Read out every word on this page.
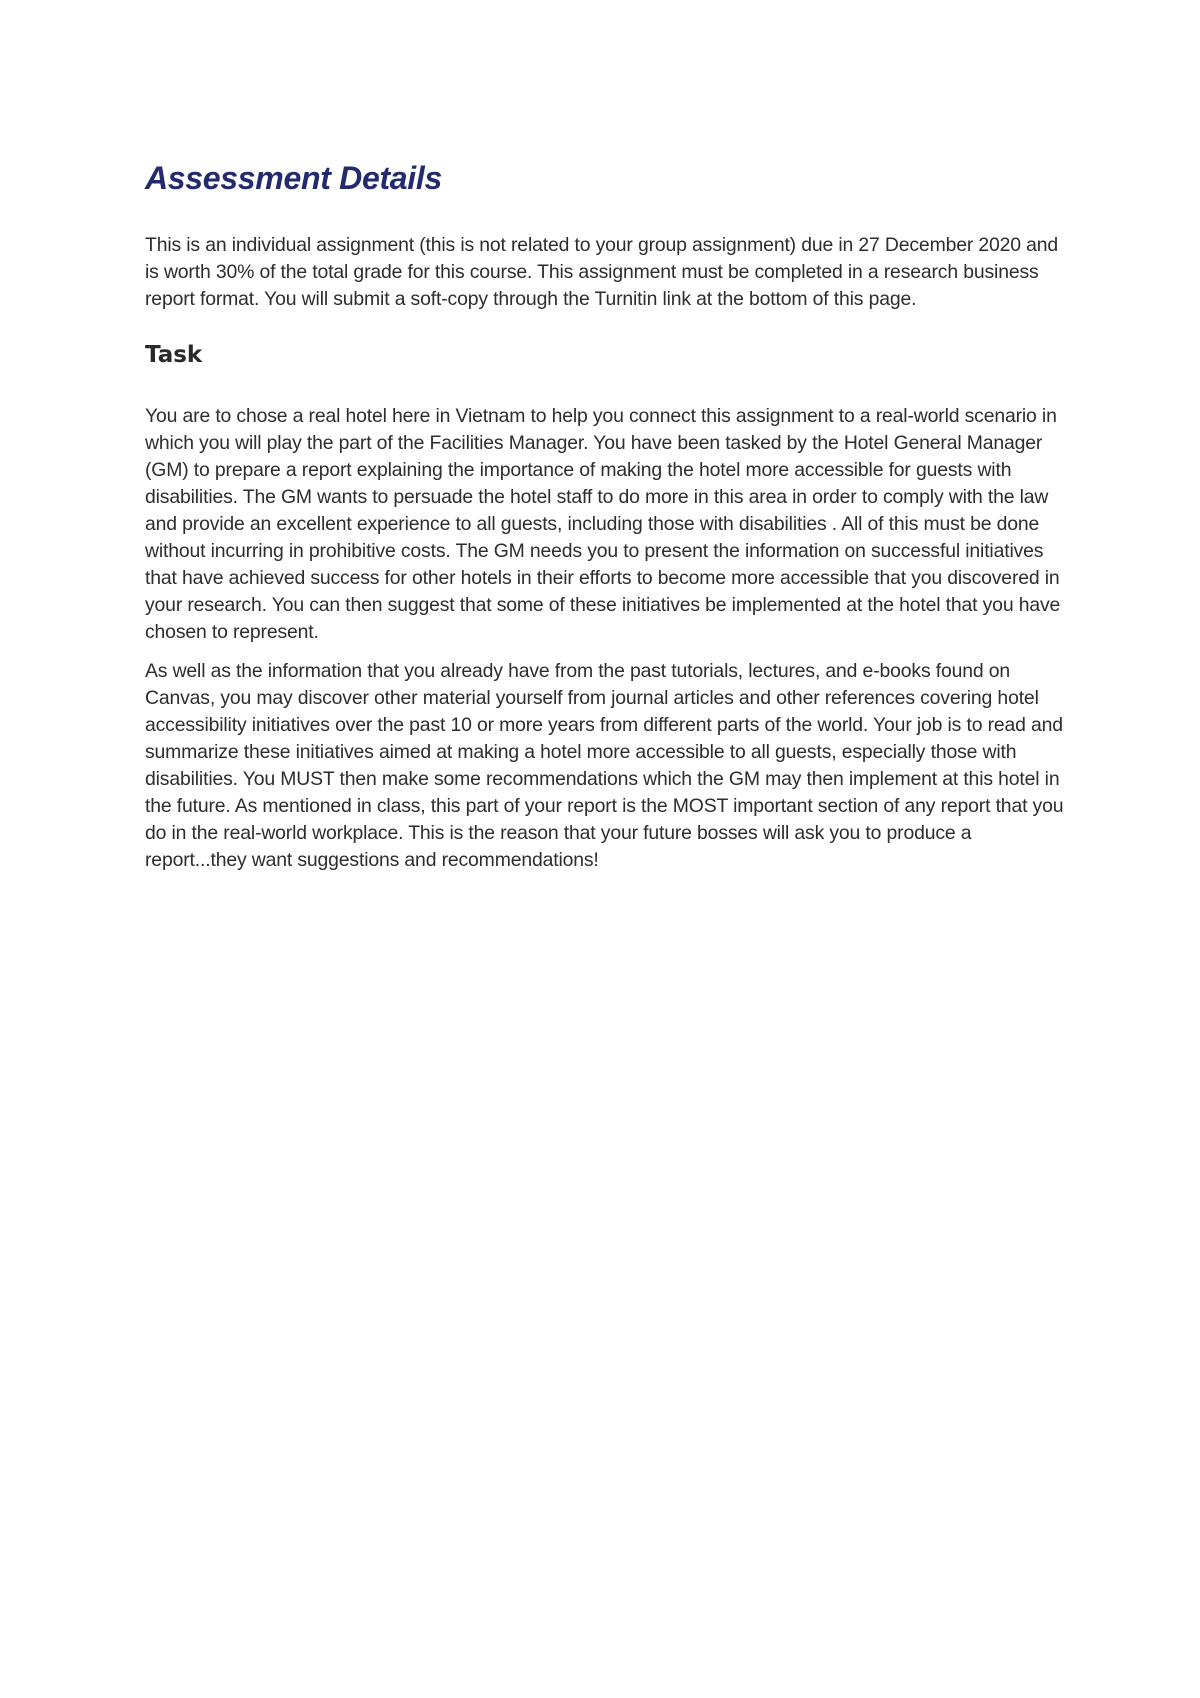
Assessment Details

This is an individual assignment (this is not related to your group assignment) due in 27 December 2020 and is worth 30% of the total grade for this course. This assignment must be completed in a research business report format. You will submit a soft-copy through the Turnitin link at the bottom of this page.

Task

You are to chose a real hotel here in Vietnam to help you connect this assignment to a real-world scenario in which you will play the part of the Facilities Manager. You have been tasked by the Hotel General Manager (GM) to prepare a report explaining the importance of making the hotel more accessible for guests with disabilities. The GM wants to persuade the hotel staff to do more in this area in order to comply with the law and provide an excellent experience to all guests, including those with disabilities . All of this must be done without incurring in prohibitive costs. The GM needs you to present the information on successful initiatives that have achieved success for other hotels in their efforts to become more accessible that you discovered in your research. You can then suggest that some of these initiatives be implemented at the hotel that you have chosen to represent.

As well as the information that you already have from the past tutorials, lectures, and e-books found on Canvas, you may discover other material yourself from journal articles and other references covering hotel accessibility initiatives over the past 10 or more years from different parts of the world. Your job is to read and summarize these initiatives aimed at making a hotel more accessible to all guests, especially those with disabilities. You MUST then make some recommendations which the GM may then implement at this hotel in the future. As mentioned in class, this part of your report is the MOST important section of any report that you do in the real-world workplace. This is the reason that your future bosses will ask you to produce a report...they want suggestions and recommendations!
